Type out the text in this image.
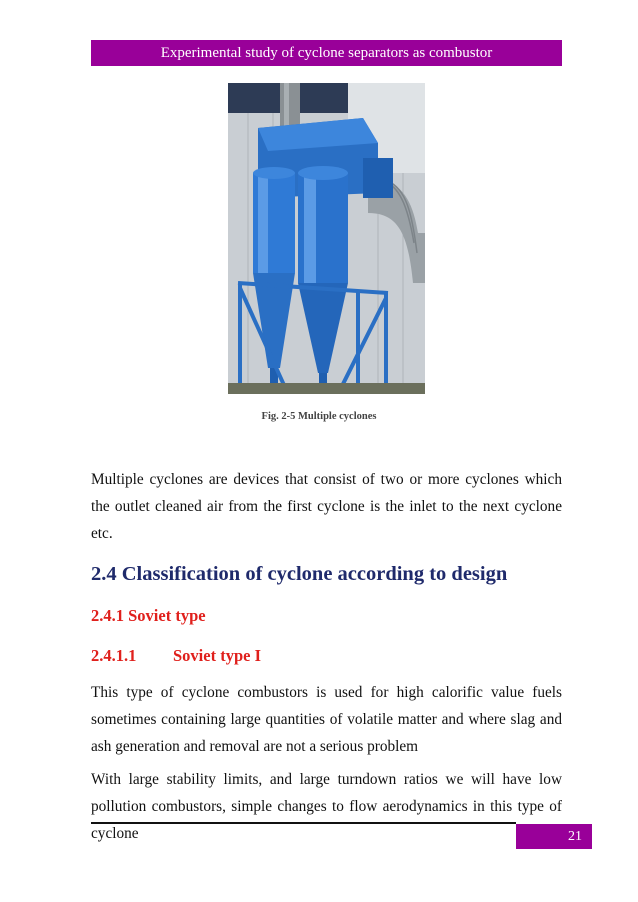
Experimental study of cyclone separators as combustor
Fig. 2-5 Multiple cyclones
Multiple cyclones are devices that consist of two or more cyclones which the outlet cleaned air from the first cyclone is the inlet to the next cyclone etc.
2.4 Classification of cyclone according to design
2.4.1 Soviet type
2.4.1.1 Soviet type I
This type of cyclone combustors is used for high calorific value fuels sometimes containing large quantities of volatile matter and where slag and ash generation and removal are not a serious problem
With large stability limits, and large turndown ratios we will have low pollution combustors, simple changes to flow aerodynamics in this type of cyclone	21
